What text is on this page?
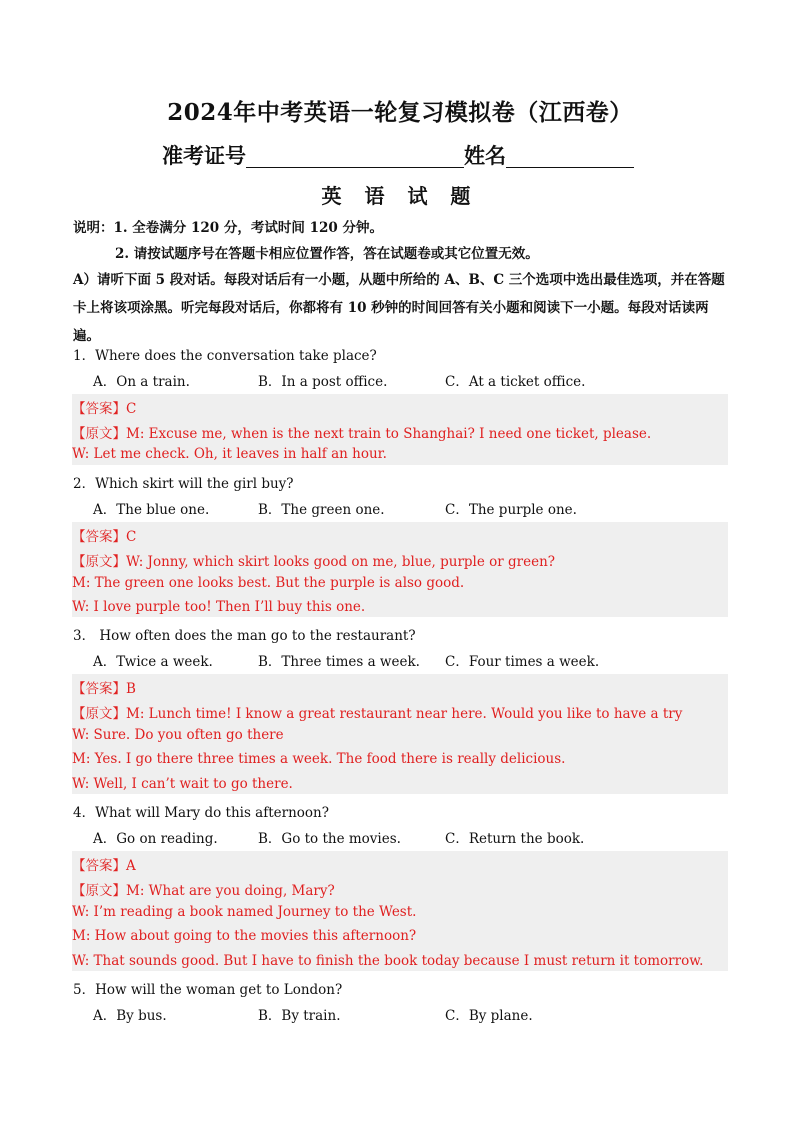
2024年中考英语一轮复习模拟卷（江西卷）
准考证号	姓名
英 语 试 题
说明：1. 全卷满分 120 分，考试时间 120 分钟。
2. 请按试题序号在答题卡相应位置作答，答在试题卷或其它位置无效。
A）请听下面 5 段对话。每段对话后有一小题，从题中所给的 A、B、C 三个选项中选出最佳选项，并在答题卡上将该项涂黑。听完每段对话后，你都将有 10 秒钟的时间回答有关小题和阅读下一小题。每段对话读两遍。
1．Where does the conversation take place?
A．On a train.	B．In a post office.	C．At a ticket office.
【答案】C
【原文】M: Excuse me, when is the next train to Shanghai? I need one ticket, please.
W: Let me check. Oh, it leaves in half an hour.
2．Which skirt will the girl buy?
A．The blue one.	B．The green one.	C．The purple one.
【答案】C
【原文】W: Jonny, which skirt looks good on me, blue, purple or green?
M: The green one looks best. But the purple is also good.
W: I love purple too! Then I’ll buy this one.
3． How often does the man go to the restaurant?
A．Twice a week.	B．Three times a week. C．Four times a week.
【答案】B
【原文】M: Lunch time! I know a great restaurant near here. Would you like to have a try
W: Sure. Do you often go there
M: Yes. I go there three times a week. The food there is really delicious.
W: Well, I can’t wait to go there.
4．What will Mary do this afternoon?
A．Go on reading.	B．Go to the movies.	C．Return the book.
【答案】A
【原文】M: What are you doing, Mary?
W: I’m reading a book named Journey to the West.
M: How about going to the movies this afternoon?
W: That sounds good. But I have to finish the book today because I must return it tomorrow.
5．How will the woman get to London?
A．By bus.	B．By train.	C．By plane.
